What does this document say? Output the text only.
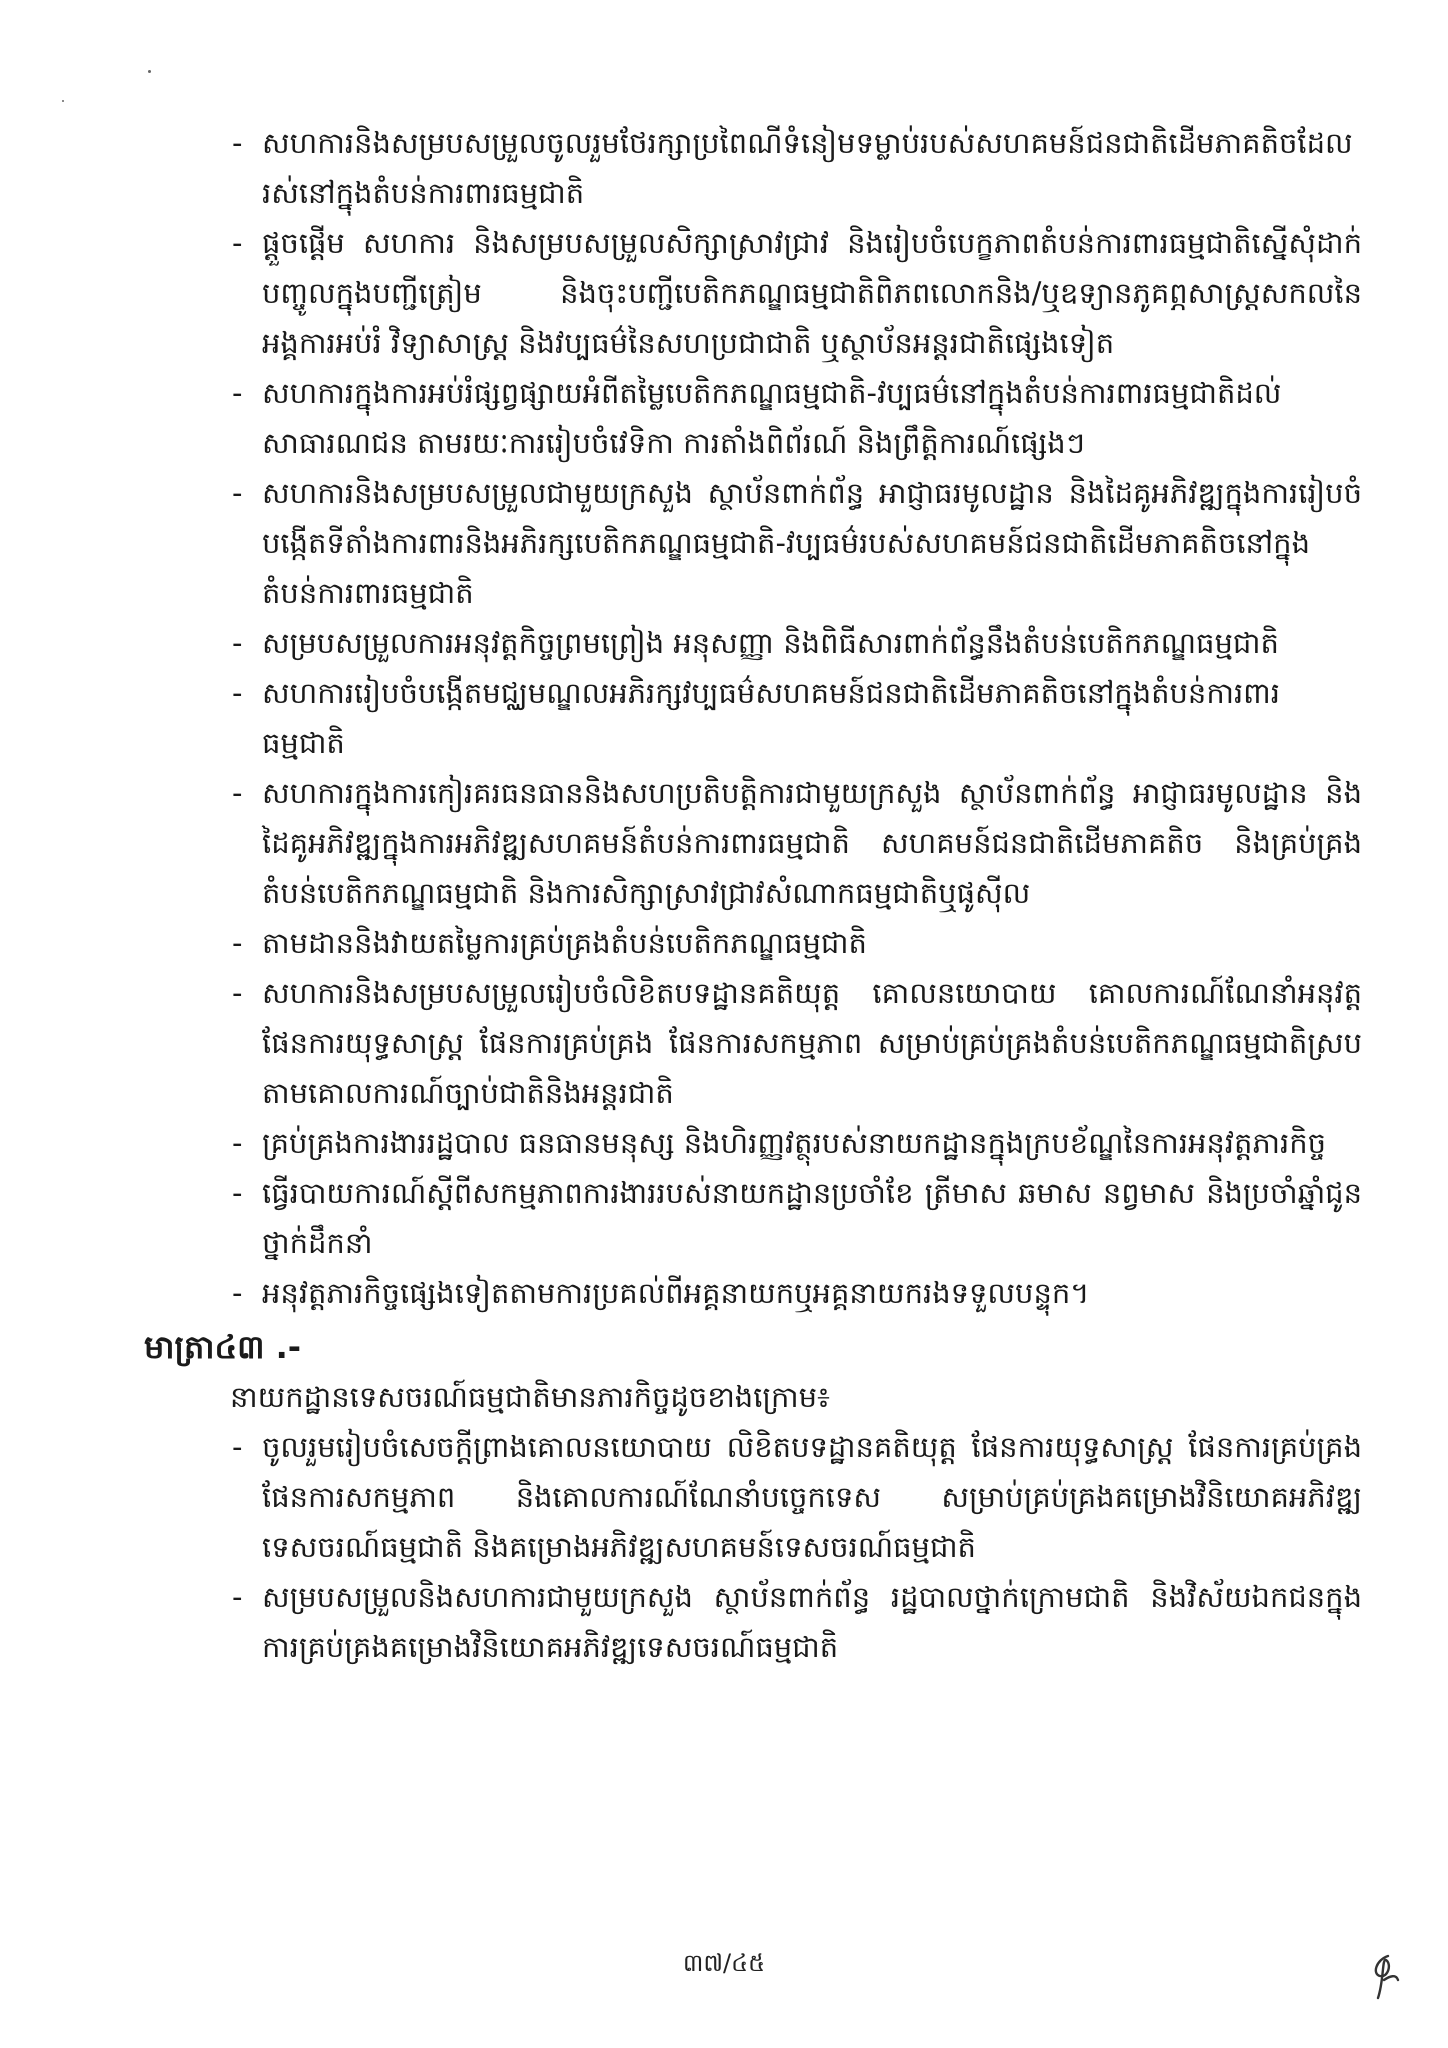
- សហការនិងសម្របសម្រួលចូលរួមថែរក្សាប្រពៃណីទំនៀមទម្លាប់របស់សហគមន៍ជនជាតិដើមភាគតិចដែលរស់នៅក្នុងតំបន់ការពារធម្មជាតិ
- ផ្តួចផ្តើម សហការ និងសម្របសម្រួលសិក្សាស្រាវជ្រាវ និងរៀបចំបេក្ខភាពតំបន់ការពារធម្មជាតិស្នើសុំដាក់បញ្ចូលក្នុងបញ្ជីត្រៀម និងចុះបញ្ជីបេតិកភណ្ឌធម្មជាតិពិភពលោកនិង/ឬឧទ្យានភូគព្ភសាស្ត្រសកលនៃអង្គការអប់រំ វិទ្យាសាស្ត្រ និងវប្បធម៌នៃសហប្រជាជាតិ ឬស្ថាប័នអន្តរជាតិផ្សេងទៀត
- សហការក្នុងការអប់រំផ្សព្វផ្សាយអំពីតម្លៃបេតិកភណ្ឌធម្មជាតិ-វប្បធម៌នៅក្នុងតំបន់ការពារធម្មជាតិដល់សាធារណជន តាមរយៈការរៀបចំវេទិកា ការតាំងពិព័រណ៍ និងព្រឹត្តិការណ៍ផ្សេងៗ
- សហការនិងសម្របសម្រួលជាមួយក្រសួង ស្ថាប័នពាក់ព័ន្ធ អាជ្ញាធរមូលដ្ឋាន និងដៃគូអភិវឌ្ឍក្នុងការរៀបចំបង្កើតទីតាំងការពារនិងអភិរក្សបេតិកភណ្ឌធម្មជាតិ-វប្បធម៌របស់សហគមន៍ជនជាតិដើមភាគតិចនៅក្នុងតំបន់ការពារធម្មជាតិ
- សម្របសម្រួលការអនុវត្តកិច្ចព្រមព្រៀង អនុសញ្ញា និងពិធីសារពាក់ព័ន្ធនឹងតំបន់បេតិកភណ្ឌធម្មជាតិ
- សហការរៀបចំបង្កើតមជ្ឈមណ្ឌលអភិរក្សវប្បធម៌សហគមន៍ជនជាតិដើមភាគតិចនៅក្នុងតំបន់ការពារធម្មជាតិ
- សហការក្នុងការកៀរគរធនធាននិងសហប្រតិបត្តិការជាមួយក្រសួង ស្ថាប័នពាក់ព័ន្ធ អាជ្ញាធរមូលដ្ឋាន និងដៃគូអភិវឌ្ឍក្នុងការអភិវឌ្ឍសហគមន៍តំបន់ការពារធម្មជាតិ សហគមន៍ជនជាតិដើមភាគតិច និងគ្រប់គ្រងតំបន់បេតិកភណ្ឌធម្មជាតិ និងការសិក្សាស្រាវជ្រាវសំណាកធម្មជាតិឬផូស៊ីល
- តាមដាននិងវាយតម្លៃការគ្រប់គ្រងតំបន់បេតិកភណ្ឌធម្មជាតិ
- សហការនិងសម្របសម្រួលរៀបចំលិខិតបទដ្ឋានគតិយុត្ត គោលនយោបាយ គោលការណ៍ណែនាំអនុវត្តផែនការយុទ្ធសាស្ត្រ ផែនការគ្រប់គ្រង ផែនការសកម្មភាព សម្រាប់គ្រប់គ្រងតំបន់បេតិកភណ្ឌធម្មជាតិស្របតាមគោលការណ៍ច្បាប់ជាតិនិងអន្តរជាតិ
- គ្រប់គ្រងការងាររដ្ឋបាល ធនធានមនុស្ស និងហិរញ្ញវត្ថុរបស់នាយកដ្ឋានក្នុងក្របខ័ណ្ឌនៃការអនុវត្តភារកិច្ច
- ធ្វើរបាយការណ៍ស្តីពីសកម្មភាពការងាររបស់នាយកដ្ឋានប្រចាំខែ ត្រីមាស ឆមាស នព្វមាស និងប្រចាំឆ្នាំជូនថ្នាក់ដឹកនាំ
- អនុវត្តភារកិច្ចផ្សេងទៀតតាមការប្រគល់ពីអគ្គនាយកឬអគ្គនាយករងទទួលបន្ទុក។
មាត្រា៤៣ .-
នាយកដ្ឋានទេសចរណ៍ធម្មជាតិមានភារកិច្ចដូចខាងក្រោម៖
- ចូលរួមរៀបចំសេចក្តីព្រាងគោលនយោបាយ លិខិតបទដ្ឋានគតិយុត្ត ផែនការយុទ្ធសាស្ត្រ ផែនការគ្រប់គ្រង ផែនការសកម្មភាព និងគោលការណ៍ណែនាំបច្ចេកទេស សម្រាប់គ្រប់គ្រងគម្រោងវិនិយោគអភិវឌ្ឍទេសចរណ៍ធម្មជាតិ និងគម្រោងអភិវឌ្ឍសហគមន៍ទេសចរណ៍ធម្មជាតិ
- សម្របសម្រួលនិងសហការជាមួយក្រសួង ស្ថាប័នពាក់ព័ន្ធ រដ្ឋបាលថ្នាក់ក្រោមជាតិ និងវិស័យឯកជនក្នុងការគ្រប់គ្រងគម្រោងវិនិយោគអភិវឌ្ឍទេសចរណ៍ធម្មជាតិ
៣៧/៤៥
